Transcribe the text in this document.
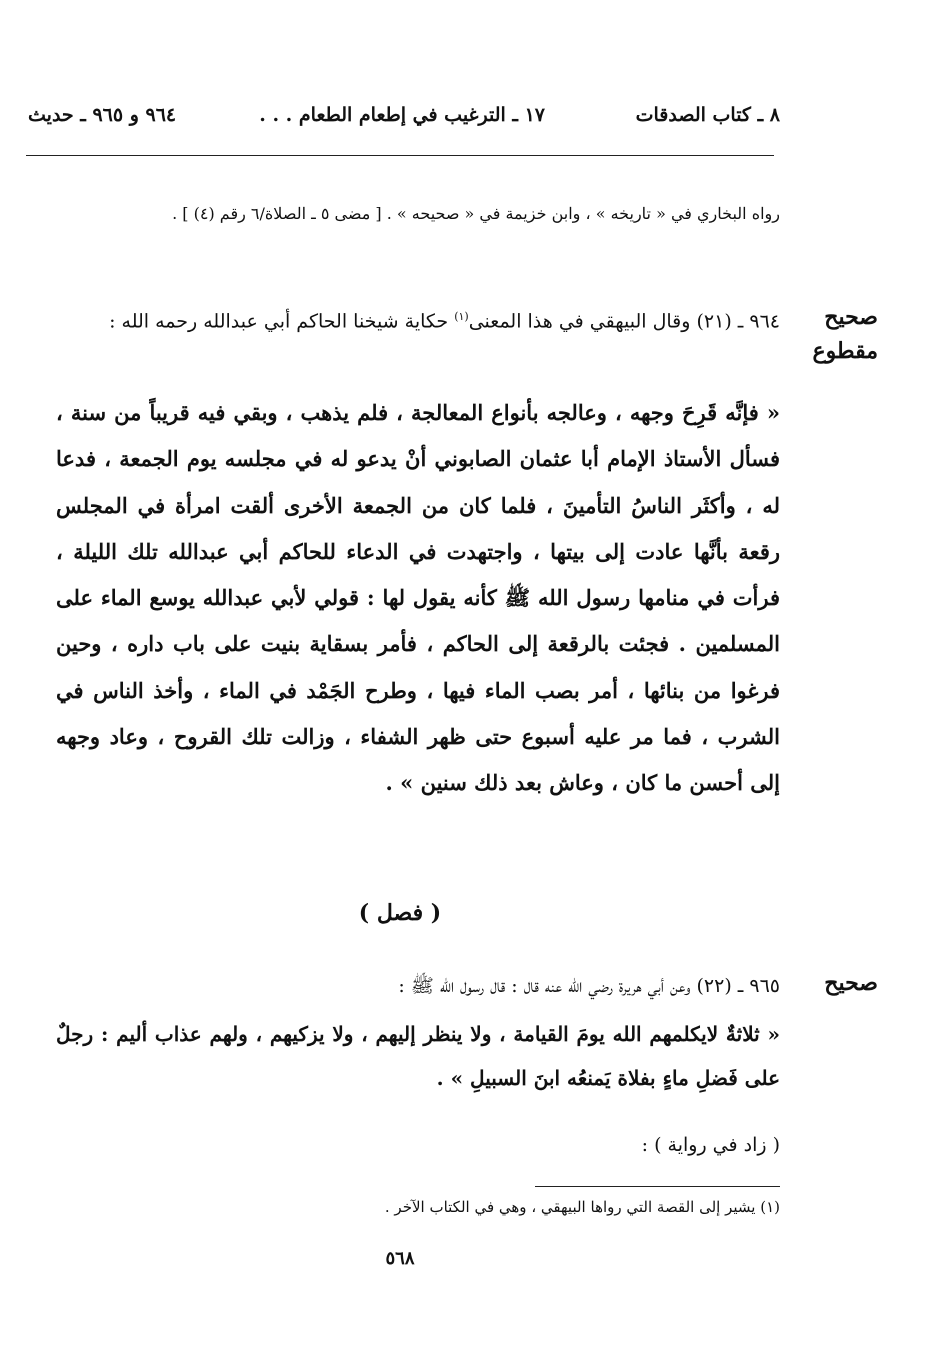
٨ ـ كتاب الصدقات
١٧ ـ الترغيب في إطعام الطعام . . .
٩٦٤ و ٩٦٥ ـ حديث
رواه البخاري في « تاريخه » ، وابن خزيمة في « صحيحه » . [ مضى ٥ ـ الصلاة/٦ رقم (٤) ] .
صحيح
مقطوع
٩٦٤ ـ (٢١) وقال البيهقي في هذا المعنى$^{(١)}$ حكاية شيخنا الحاكم أبي عبدالله رحمه الله :
« فإنَّه قَرِحَ وجهه ، وعالجه بأنواع المعالجة ، فلم يذهب ، وبقي فيه قريباً من سنة ، فسأل الأستاذ الإمام أبا عثمان الصابوني أنْ يدعو له في مجلسه يوم الجمعة ، فدعا له ، وأكثَر الناسُ التأمينَ ، فلما كان من الجمعة الأخرى ألقت امرأة في المجلس رقعة بأنَّها عادت إلى بيتها ، واجتهدت في الدعاء للحاكم أبي عبدالله تلك الليلة ، فرأت في منامها رسول الله ﷺ كأنه يقول لها : قولي لأبي عبدالله يوسع الماء على المسلمين . فجئت بالرقعة إلى الحاكم ، فأمر بسقاية بنيت على باب داره ، وحين فرغوا من بنائها ، أمر بصب الماء فيها ، وطرح الجَمْد في الماء ، وأخذ الناس في الشرب ، فما مر عليه أسبوع حتى ظهر الشفاء ، وزالت تلك القروح ، وعاد وجهه إلى أحسن ما كان ، وعاش بعد ذلك سنين » .
( فصل )
صحيح
٩٦٥ ـ (٢٢) وعن أبي هريرة رضي الله عنه قال : قال رسول الله ﷺ :
« ثلاثةٌ لايكلمهم الله يومَ القيامة ، ولا ينظر إليهم ، ولا يزكيهم ، ولهم عذاب أليم : رجلٌ على فَضلِ ماءٍ بفلاة يَمنعُه ابنَ السبيلِ » .
( زاد في رواية ) :
(١) يشير إلى القصة التي رواها البيهقي ، وهي في الكتاب الآخر .
٥٦٨
